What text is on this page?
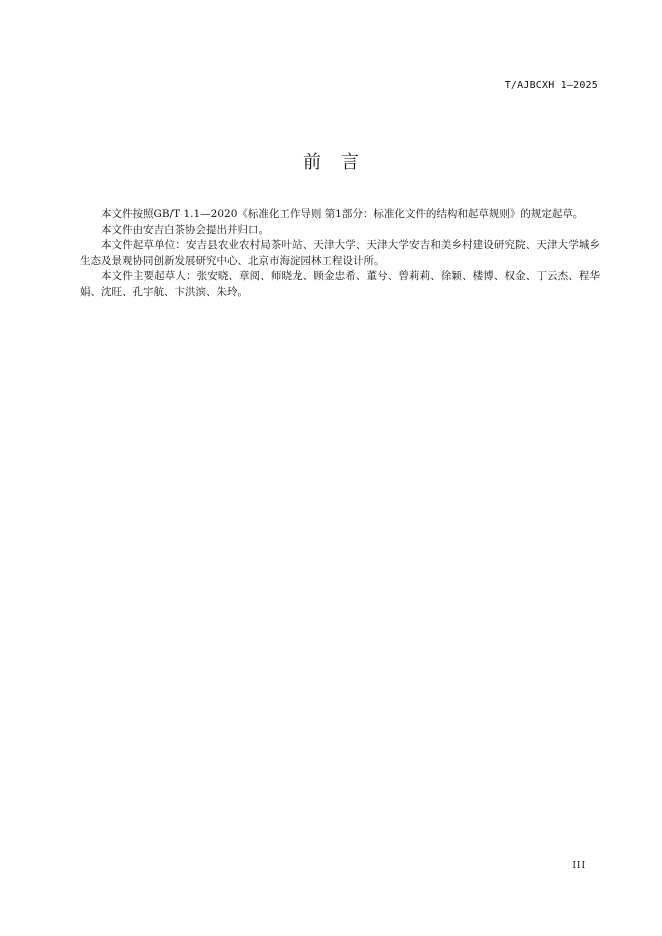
T/AJBCXH 1—2025
前言

本文件按照GB/T 1.1—2020《标准化工作导则 第1部分：标准化文件的结构和起草规则》的规定起草。

本文件由安吉白茶协会提出并归口。

本文件起草单位：安吉县农业农村局茶叶站、天津大学、天津大学安吉和美乡村建设研究院、天津大学城乡生态及景观协同创新发展研究中心、北京市海淀园林工程设计所。

本文件主要起草人：张安晓、章阅、师晓龙、顾金忠希、董兮、曾莉莉、徐颖、楼博、权金、丁云杰、程华娟、沈旺、孔宇航、卞洪滨、朱玲。

III
